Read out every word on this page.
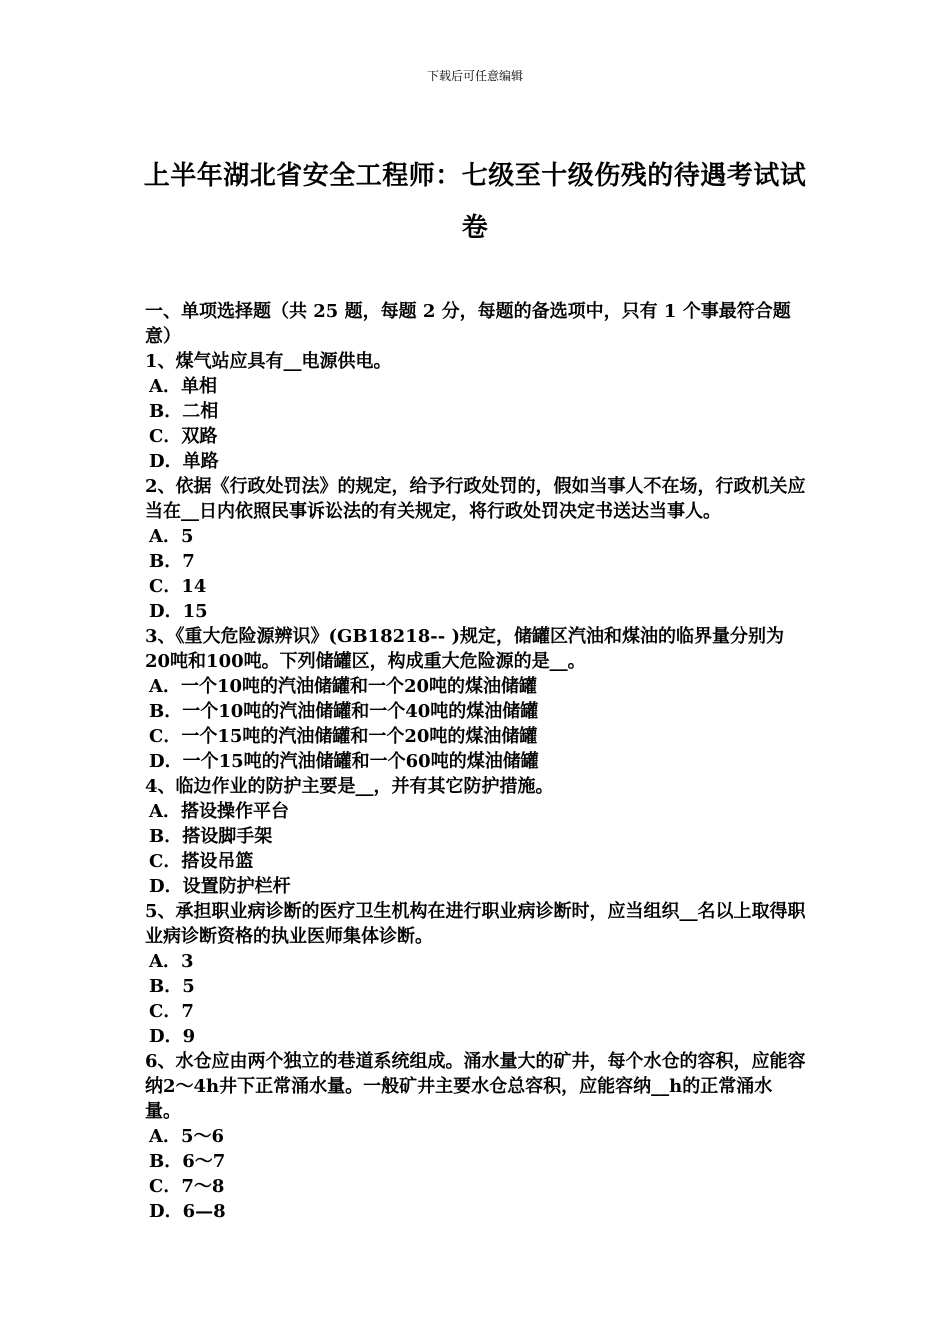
下载后可任意编辑
上半年湖北省安全工程师：七级至十级伤残的待遇考试试卷

一、单项选择题（共 25 题，每题 2 分，每题的备选项中，只有 1 个事最符合题意）

1、煤气站应具有__电源供电。

A．单相

B．二相

C．双路

D．单路

2、依据《行政处罚法》的规定，给予行政处罚的，假如当事人不在场，行政机关应当在__日内依照民事诉讼法的有关规定，将行政处罚决定书送达当事人。

A．5

B．7

C．14

D．15

3、《重大危险源辨识》(GB18218-- )规定，储罐区汽油和煤油的临界量分别为20吨和100吨。下列储罐区，构成重大危险源的是__。

A．一个10吨的汽油储罐和一个20吨的煤油储罐

B．一个10吨的汽油储罐和一个40吨的煤油储罐

C．一个15吨的汽油储罐和一个20吨的煤油储罐

D．一个15吨的汽油储罐和一个60吨的煤油储罐

4、临边作业的防护主要是__，并有其它防护措施。

A．搭设操作平台

B．搭设脚手架

C．搭设吊篮

D．设置防护栏杆

5、承担职业病诊断的医疗卫生机构在进行职业病诊断时，应当组织__名以上取得职业病诊断资格的执业医师集体诊断。

A．3

B．5

C．7

D．9

6、水仓应由两个独立的巷道系统组成。涌水量大的矿井，每个水仓的容积，应能容纳2～4h井下正常涌水量。一般矿井主要水仓总容积，应能容纳__h的正常涌水量。

A．5～6

B．6～7

C．7～8

D．6—8
